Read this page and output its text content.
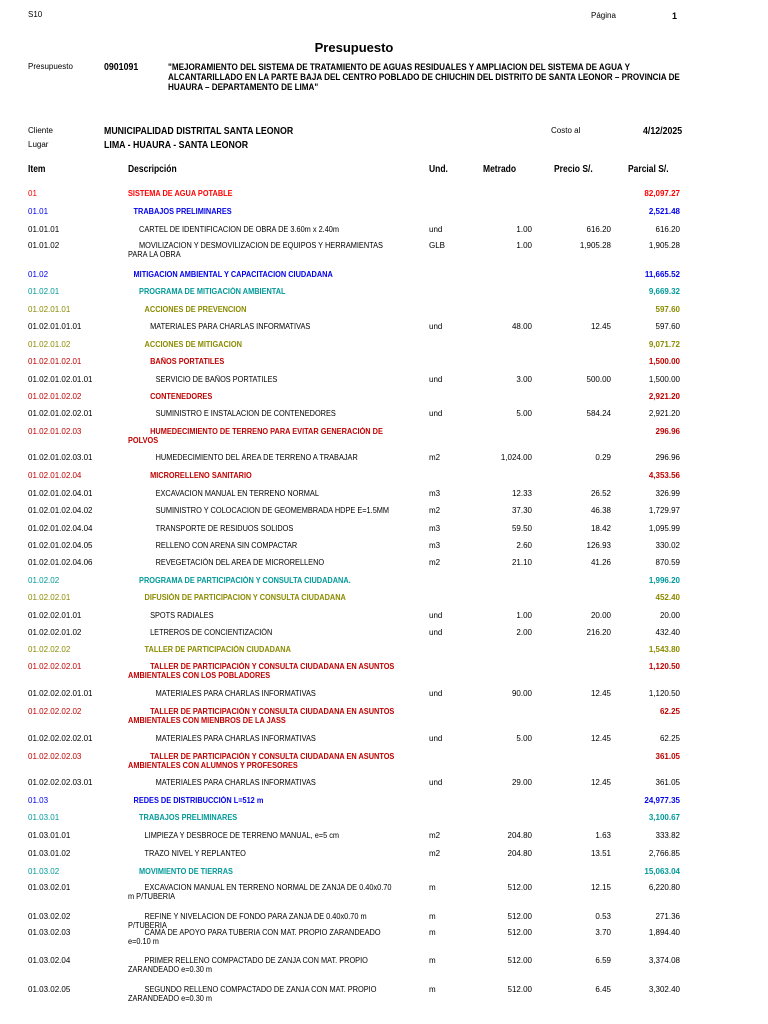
S10	Página	1
Presupuesto
Presupuesto	0901091	"MEJORAMIENTO DEL SISTEMA DE TRATAMIENTO DE AGUAS RESIDUALES Y AMPLIACION DEL SISTEMA DE AGUA Y ALCANTARILLADO EN LA PARTE BAJA DEL CENTRO POBLADO DE CHIUCHIN DEL DISTRITO DE SANTA LEONOR – PROVINCIA DE HUAURA – DEPARTAMENTO DE LIMA"
Cliente	MUNICIPALIDAD DISTRITAL SANTA LEONOR
Lugar	LIMA - HUAURA - SANTA LEONOR
Costo al	4/12/2025
Item	Descripción	Und.	Metrado	Precio S/.	Parcial S/.
01	SISTEMA DE AGUA POTABLE	82,097.27
01.01	TRABAJOS PRELIMINARES	2,521.48
01.01.01	CARTEL DE IDENTIFICACION DE OBRA DE 3.60m x 2.40m	und	1.00	616.20	616.20
01.01.02	MOVILIZACION Y DESMOVILIZACION DE EQUIPOS Y HERRAMIENTAS PARA LA OBRA
GLB	1.00	1,905.28	1,905.28
01.02	MITIGACION AMBIENTAL Y CAPACITACION CIUDADANA	11,665.52
01.02.01	PROGRAMA DE MITIGACIÓN AMBIENTAL	9,669.32
01.02.01.01	ACCIONES DE PREVENCION	597.60
01.02.01.01.01	MATERIALES PARA CHARLAS INFORMATIVAS	und	48.00	12.45	597.60
01.02.01.02	ACCIONES DE MITIGACION	9,071.72
01.02.01.02.01	BAÑOS PORTATILES	1,500.00
01.02.01.02.01.01	SERVICIO DE BAÑOS PORTATILES	und	3.00	500.00	1,500.00
01.02.01.02.02	CONTENEDORES	2,921.20
01.02.01.02.02.01	SUMINISTRO E INSTALACION DE CONTENEDORES	und	5.00	584.24	2,921.20
01.02.01.02.03	HUMEDECIMIENTO DE TERRENO PARA EVITAR GENERACIÓN DE POLVOS
296.96
01.02.01.02.03.01	HUMEDECIMIENTO DEL ÁREA DE TERRENO A TRABAJAR	m2	1,024.00	0.29	296.96
01.02.01.02.04	MICRORELLENO SANITARIO	4,353.56
01.02.01.02.04.01	EXCAVACION MANUAL EN TERRENO NORMAL	m3	12.33	26.52	326.99
01.02.01.02.04.02	SUMINISTRO Y COLOCACION DE GEOMEMBRADA HDPE E=1.5MM	m2	37.30	46.38	1,729.97
01.02.01.02.04.04	TRANSPORTE DE RESIDUOS SOLIDOS	m3	59.50	18.42	1,095.99
01.02.01.02.04.05	RELLENO CON ARENA SIN COMPACTAR	m3	2.60	126.93	330.02
01.02.01.02.04.06	REVEGETACIÓN DEL AREA DE MICRORELLENO	m2	21.10	41.26	870.59
01.02.02	PROGRAMA DE PARTICIPACIÓN Y CONSULTA CIUDADANA.	1,996.20
01.02.02.01	DIFUSIÓN DE PARTICIPACION Y CONSULTA CIUDADANA	452.40
01.02.02.01.01	SPOTS RADIALES	und	1.00	20.00	20.00
01.02.02.01.02	LETREROS DE CONCIENTIZACIÓN	und	2.00	216.20	432.40
01.02.02.02	TALLER DE PARTICIPACIÓN CIUDADANA	1,543.80
01.02.02.02.01	TALLER DE PARTICIPACIÓN Y CONSULTA CIUDADANA EN ASUNTOS AMBIENTALES CON LOS POBLADORES
1,120.50
01.02.02.02.01.01	MATERIALES PARA CHARLAS INFORMATIVAS	und	90.00	12.45	1,120.50
01.02.02.02.02	TALLER DE PARTICIPACIÓN Y CONSULTA CIUDADANA EN ASUNTOS AMBIENTALES CON MIENBROS DE LA JASS
62.25
01.02.02.02.02.01	MATERIALES PARA CHARLAS INFORMATIVAS	und	5.00	12.45	62.25
01.02.02.02.03	TALLER DE PARTICIPACIÓN Y CONSULTA CIUDADANA EN ASUNTOS AMBIENTALES CON ALUMNOS Y PROFESORES
361.05
01.02.02.02.03.01	MATERIALES PARA CHARLAS INFORMATIVAS	und	29.00	12.45	361.05
01.03	REDES DE DISTRIBUCCIÓN L=512 m	24,977.35
01.03.01	TRABAJOS PRELIMINARES	3,100.67
01.03.01.01	LIMPIEZA Y DESBROCE DE TERRENO MANUAL, e=5 cm	m2	204.80	1.63	333.82
01.03.01.02	TRAZO NIVEL Y REPLANTEO	m2	204.80	13.51	2,766.85
01.03.02	MOVIMIENTO DE TIERRAS	15,063.04
01.03.02.01	EXCAVACION MANUAL EN TERRENO NORMAL DE ZANJA DE 0.40x0.70 m P/TUBERIA
m	512.00	12.15	6,220.80
01.03.02.02	REFINE Y NIVELACION DE FONDO PARA ZANJA DE 0.40x0.70 m P/TUBERIA
m	512.00	0.53	271.36
01.03.02.03	CAMA DE APOYO PARA TUBERIA CON MAT. PROPIO ZARANDEADO e=0.10 m
m	512.00	3.70	1,894.40
01.03.02.04	PRIMER RELLENO COMPACTADO DE ZANJA CON MAT. PROPIO ZARANDEADO e=0.30 m
m	512.00	6.59	3,374.08
01.03.02.05	SEGUNDO RELLENO COMPACTADO DE ZANJA CON MAT. PROPIO ZARANDEADO e=0.30 m
m	512.00	6.45	3,302.40
